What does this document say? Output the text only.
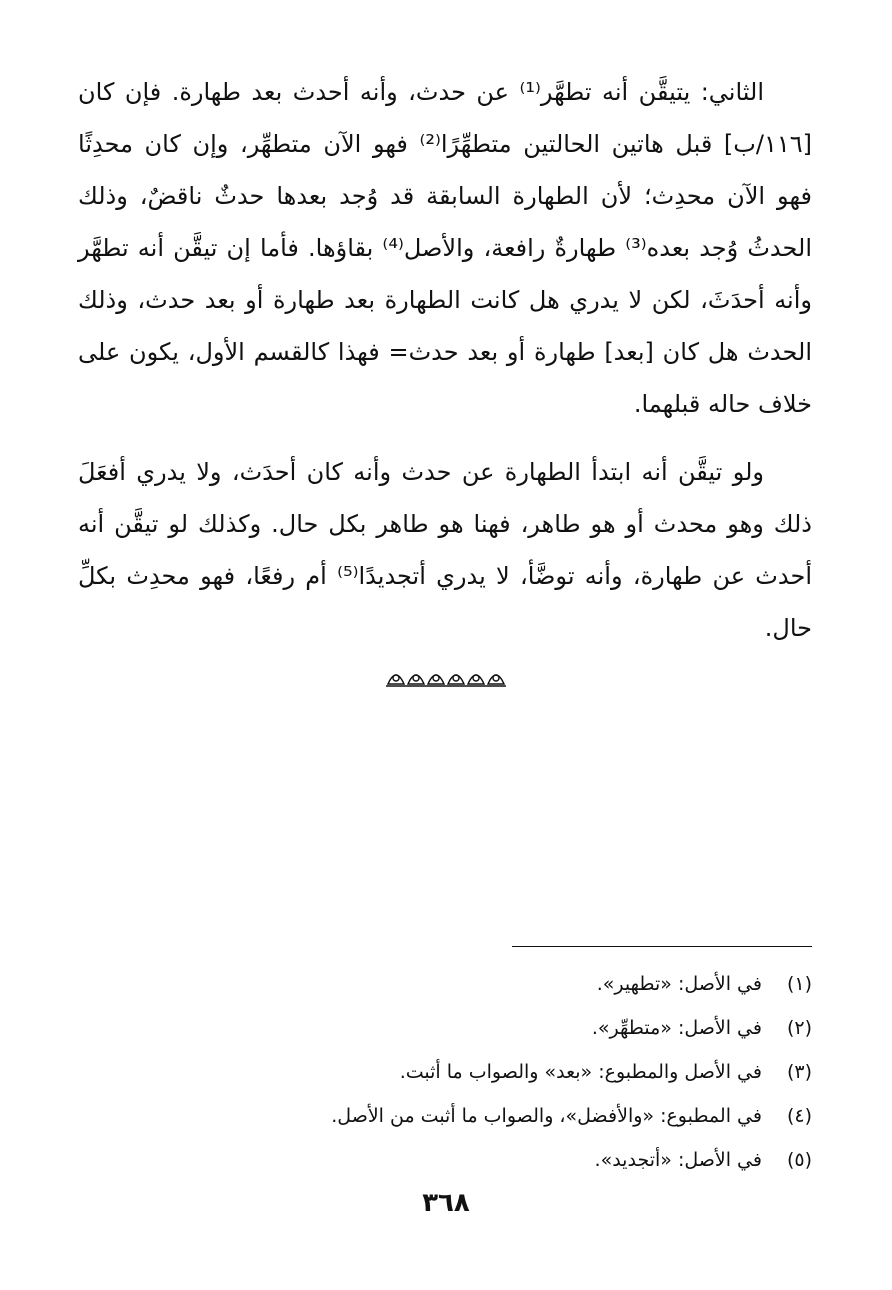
الثاني: يتيقَّن أنه تطهَّر⁽¹⁾ عن حدث، وأنه أحدث بعد طهارة. فإن كان [١١٦/ب] قبل هاتين الحالتين متطهِّرًا⁽²⁾ فهو الآن متطهِّر، وإن كان محدِثًا فهو الآن محدِث؛ لأن الطهارة السابقة قد وُجد بعدها حدثٌ ناقضٌ، وذلك الحدثُ وُجد بعده⁽³⁾ طهارةٌ رافعة، والأصل⁽⁴⁾ بقاؤها. فأما إن تيقَّن أنه تطهَّر وأنه أحدَثَ، لكن لا يدري هل كانت الطهارة بعد طهارة أو بعد حدث، وذلك الحدث هل كان [بعد] طهارة أو بعد حدث= فهذا كالقسم الأول، يكون على خلاف حاله قبلهما.

ولو تيقَّن أنه ابتدأ الطهارة عن حدث وأنه كان أحدَث، ولا يدري أفعَلَ ذلك وهو محدث أو هو طاهر، فهنا هو طاهر بكل حال. وكذلك لو تيقَّن أنه أحدث عن طهارة، وأنه توضَّأ، لا يدري أتجديدًا⁽⁵⁾ أم رفعًا، فهو محدِث بكلِّ حال.

(١) في الأصل: «تطهير».
(٢) في الأصل: «متطهِّر».
(٣) في الأصل والمطبوع: «بعد» والصواب ما أثبت.
(٤) في المطبوع: «والأفضل»، والصواب ما أثبت من الأصل.
(٥) في الأصل: «أتجديد».
٣٦٨
